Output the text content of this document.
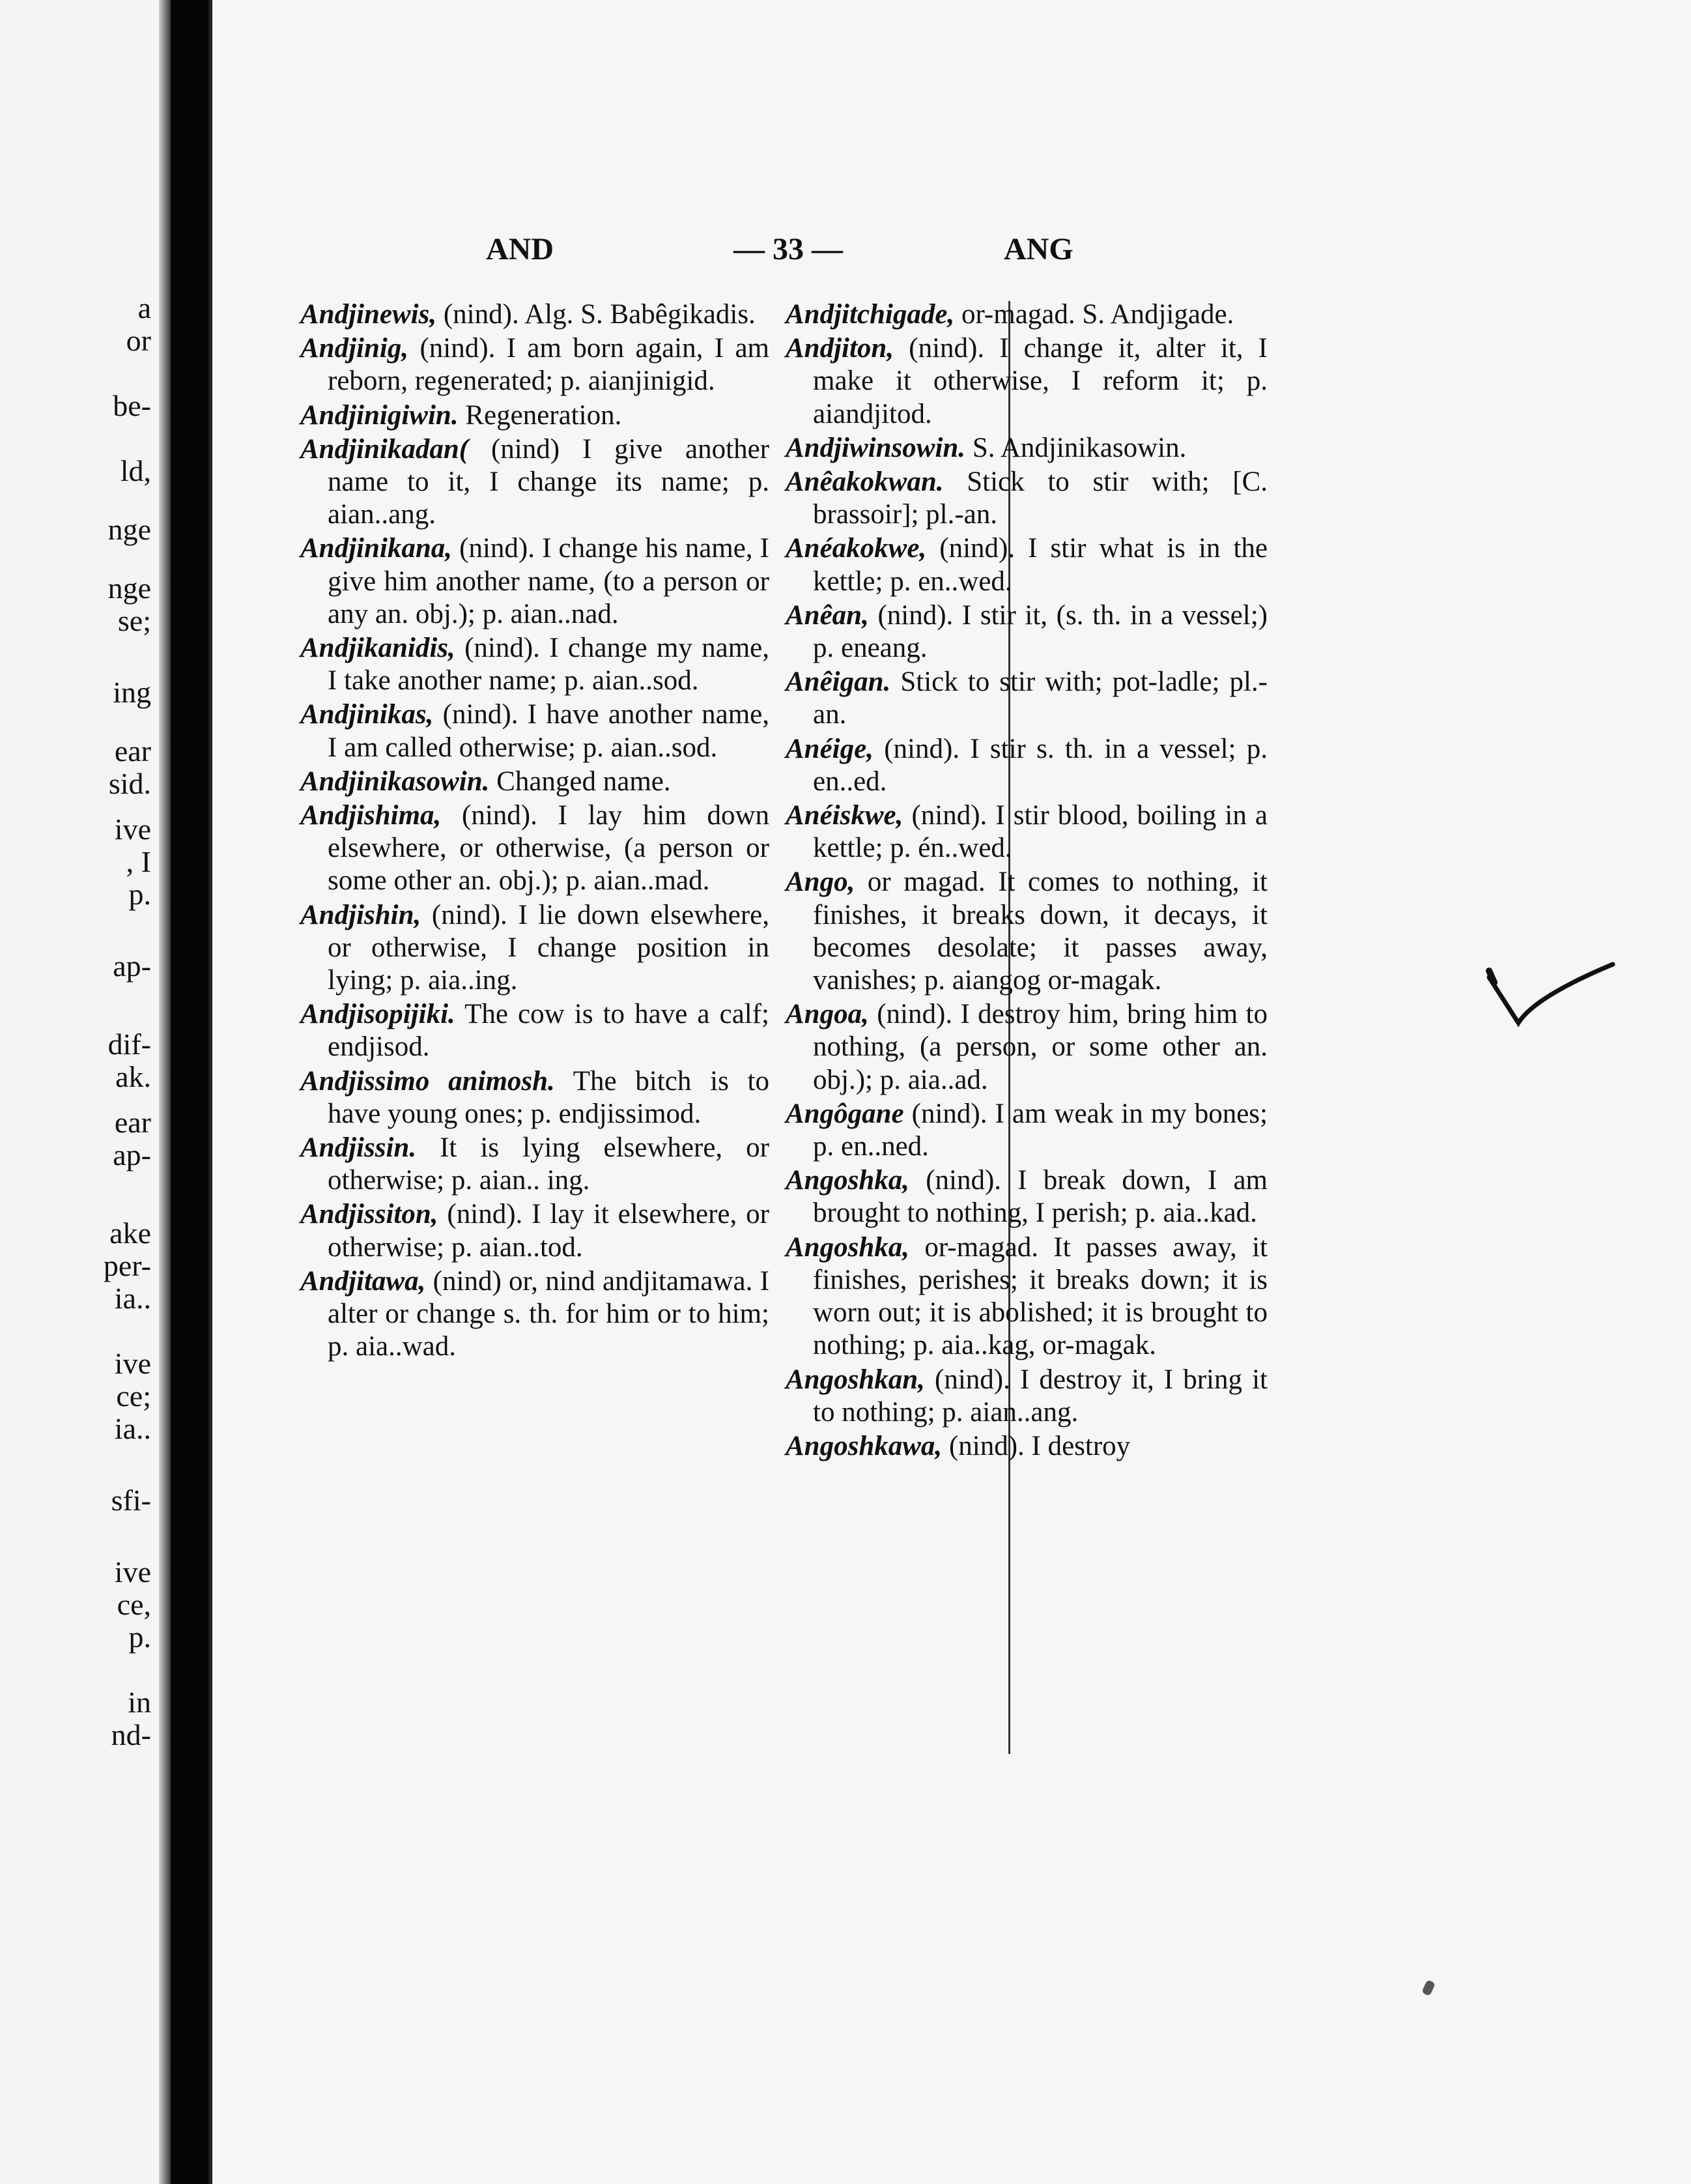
a
or
be-
ld,
nge
nge
se;
ing
ear
sid.
ive
, I
p.
ap-
dif-
ak.
ear
ap-
ake
per-
ia..
ive
ce;
ia..
sfi-
ive
ce,
p.
in
nd-
AND	— 33 —	ANG
Andjinewis, (nind). Alg. S. Babêgikadis.
Andjinig, (nind). I am born again, I am reborn, regenerated; p. aianjinigid.
Andjinigiwin. Regeneration.
Andjinikadan( (nind) I give another name to it, I change its name; p. aian..ang.
Andjinikana, (nind). I change his name, I give him another name, (to a person or any an. obj.); p. aian..nad.
Andjikanidis, (nind). I change my name, I take another name; p. aian..sod.
Andjinikas, (nind). I have another name, I am called otherwise; p. aian..sod.
Andjinikasowin. Changed name.
Andjishima, (nind). I lay him down elsewhere, or otherwise, (a person or some other an. obj.); p. aian..mad.
Andjishin, (nind). I lie down elsewhere, or otherwise, I change position in lying; p. aia..ing.
Andjisopijiki. The cow is to have a calf; endjisod.
Andjissimo animosh. The bitch is to have young ones; p. endjissimod.
Andjissin. It is lying elsewhere, or otherwise; p. aian.. ing.
Andjissiton, (nind). I lay it elsewhere, or otherwise; p. aian..tod.
Andjitawa, (nind) or, nind andjitamawa. I alter or change s. th. for him or to him; p. aia..wad.
Andjitchigade, or-magad. S. Andjigade.
Andjiton, (nind). I change it, alter it, I make it otherwise, I reform it; p. aiandjitod.
Andjiwinsowin. S. Andjinikasowin.
Anêakokwan. Stick to stir with; [C. brassoir]; pl.-an.
Anéakokwe, (nind). I stir what is in the kettle; p. en..wed.
Anêan, (nind). I stir it, (s. th. in a vessel;) p. eneang.
Anêigan. Stick to stir with; pot-ladle; pl.-an.
Anéige, (nind). I stir s. th. in a vessel; p. en..ed.
Anéiskwe, (nind). I stir blood, boiling in a kettle; p. én..wed.
Ango, or magad. It comes to nothing, it finishes, it breaks down, it decays, it becomes desolate; it passes away, vanishes; p. aiangog or-magak.
Angoa, (nind). I destroy him, bring him to nothing, (a person, or some other an. obj.); p. aia..ad.
Angôgane (nind). I am weak in my bones; p. en..ned.
Angoshka, (nind). I break down, I am brought to nothing, I perish; p. aia..kad.
Angoshka, or-magad. It passes away, it finishes, perishes; it breaks down; it is worn out; it is abolished; it is brought to nothing; p. aia..kag, or-magak.
Angoshkan, (nind). I destroy it, I bring it to nothing; p. aian..ang.
Angoshkawa, (nind). I destroy
